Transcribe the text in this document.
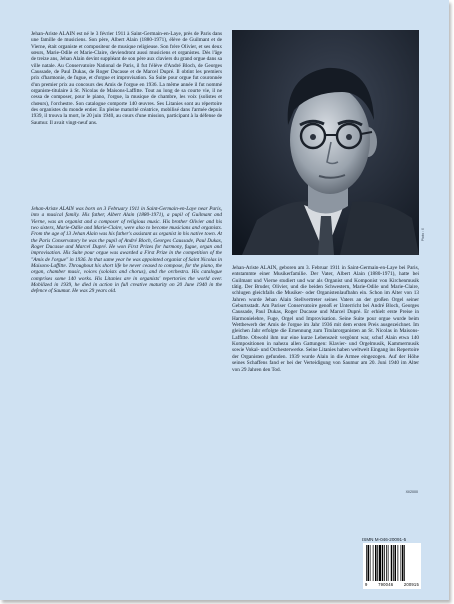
Jehan-Ariste ALAIN est né le 3 février 1911 à Saint-Germain-en-Laye, près de Paris dans une famille de musiciens. Son père, Albert Alain (1880-1971), élève de Guilmant et de Vierne, était organiste et compositeur de musique religieuse. Son frère Olivier, et ses deux sœurs, Marie-Odile et Marie-Claire, deviendront aussi musiciens et organistes. Dès l'âge de treize ans, Jehan Alain devint suppléant de son père aux claviers du grand orgue dans sa ville natale. Au Conservatoire National de Paris, il fut l'élève d'André Bloch, de Georges Caussade, de Paul Dukas, de Roger Ducasse et de Marcel Dupré. Il obtint les premiers prix d'harmonie, de fugue, et d'orgue et improvisation. Sa Suite pour orgue fut couronnée d'un premier prix au concours des Amis de l'orgue en 1936. La même année il fut nommé organiste-titulaire à St. Nicolas de Maisons-Laffitte. Tout au long de sa courte vie, il ne cessa de composer, pour le piano, l'orgue, la musique de chambre, les voix (solistes et chœurs), l'orchestre. Son catalogue comporte 140 œuvres. Ses Litanies sont au répertoire des organistes du monde entier. En pleine maturité créatrice, mobilisé dans l'armée depuis 1939, il trouva la mort, le 20 juin 1940, au cours d'une mission, participant à la défense de Saumur. Il avait vingt-neuf ans.

Jehan-Ariste ALAIN was born on 3 February 1911 in Saint-Germain-en-Laye near Paris, into a musical family. His father, Albert Alain (1880-1971), a pupil of Guilmant and Vierne, was an organist and a composer of religious music. His brother Olivier and his two sisters, Marie-Odile and Marie-Claire, were also to become musicians and organists. From the age of 13 Jehan Alain was his father's assistant as organist in his native town. At the Paris Conservatory he was the pupil of André Bloch, Georges Caussade, Paul Dukas, Roger Ducasse and Marcel Dupré. He won First Prizes for harmony, fugue, organ and improvisation. His Suite pour orgue was awarded a First Prize in the competition of the "Amis de l'orgue" in 1936. In that same year he was appointed organist of Saint Nicolas in Maisons-Laffitte. Throughout his short life he never ceased to compose, for the piano, the organ, chamber music, voices (soloists and chorus), and the orchestra. His catalogue comprises some 140 works. His Litanies are in organists' repertories the world over. Mobilized in 1939, he died in action in full creative maturity on 20 June 1940 in the defence of Saumur. He was 29 years old.

Photo : X

Jehan-Ariste ALAIN, geboren am 3. Februar 1911 in Saint-Germain-en-Laye bei Paris, entstammte einer Musikerfamilie. Der Vater, Albert Alain (1880-1971), hatte bei Guilmant und Vierne studiert und war als Organist und Komponist von Kirchenmusik tätig. Der Bruder, Olivier, und die beiden Schwestern, Marie-Odile und Marie-Claire, schlugen gleichfalls die Musiker- oder Organistenlaufbahn ein. Schon im Alter von 13 Jahren wurde Jehan Alain Stellvertreter seines Vaters an der großen Orgel seiner Geburtsstadt. Am Pariser Conservatoire genoß er Unterricht bei André Bloch, Georges Caussade, Paul Dukas, Roger Ducasse und Marcel Dupré. Er erhielt erste Preise in Harmonielehre, Fuge, Orgel und Improvisation. Seine Suite pour orgue wurde beim Wettbewerb der Amis de l'orgue im Jahr 1936 mit dem ersten Preis ausgezeichnet. Im gleichen Jahr erfolgte die Ernennung zum Titularorganisten an St. Nicolas in Maisons-Laffitte. Obwohl ihm nur eine kurze Lebenszeit vergönnt war, schuf Alain etwa 140 Kompositionen in nahezu allen Gattungen: Klavier- und Orgelmusik, Kammermusik sowie Vokal- und Orchesterwerke. Seine Litanies haben weltweit Eingang ins Repertoire der Organisten gefunden. 1939 wurde Alain in die Armee eingezogen. Auf der Höhe seines Schaffens fand er bei der Verteidigung von Saumur am 20. Juni 1940 im Alter von 29 Jahren den Tod.

XI/2000
ISMN M-046-20091-5
9	790046	200915
